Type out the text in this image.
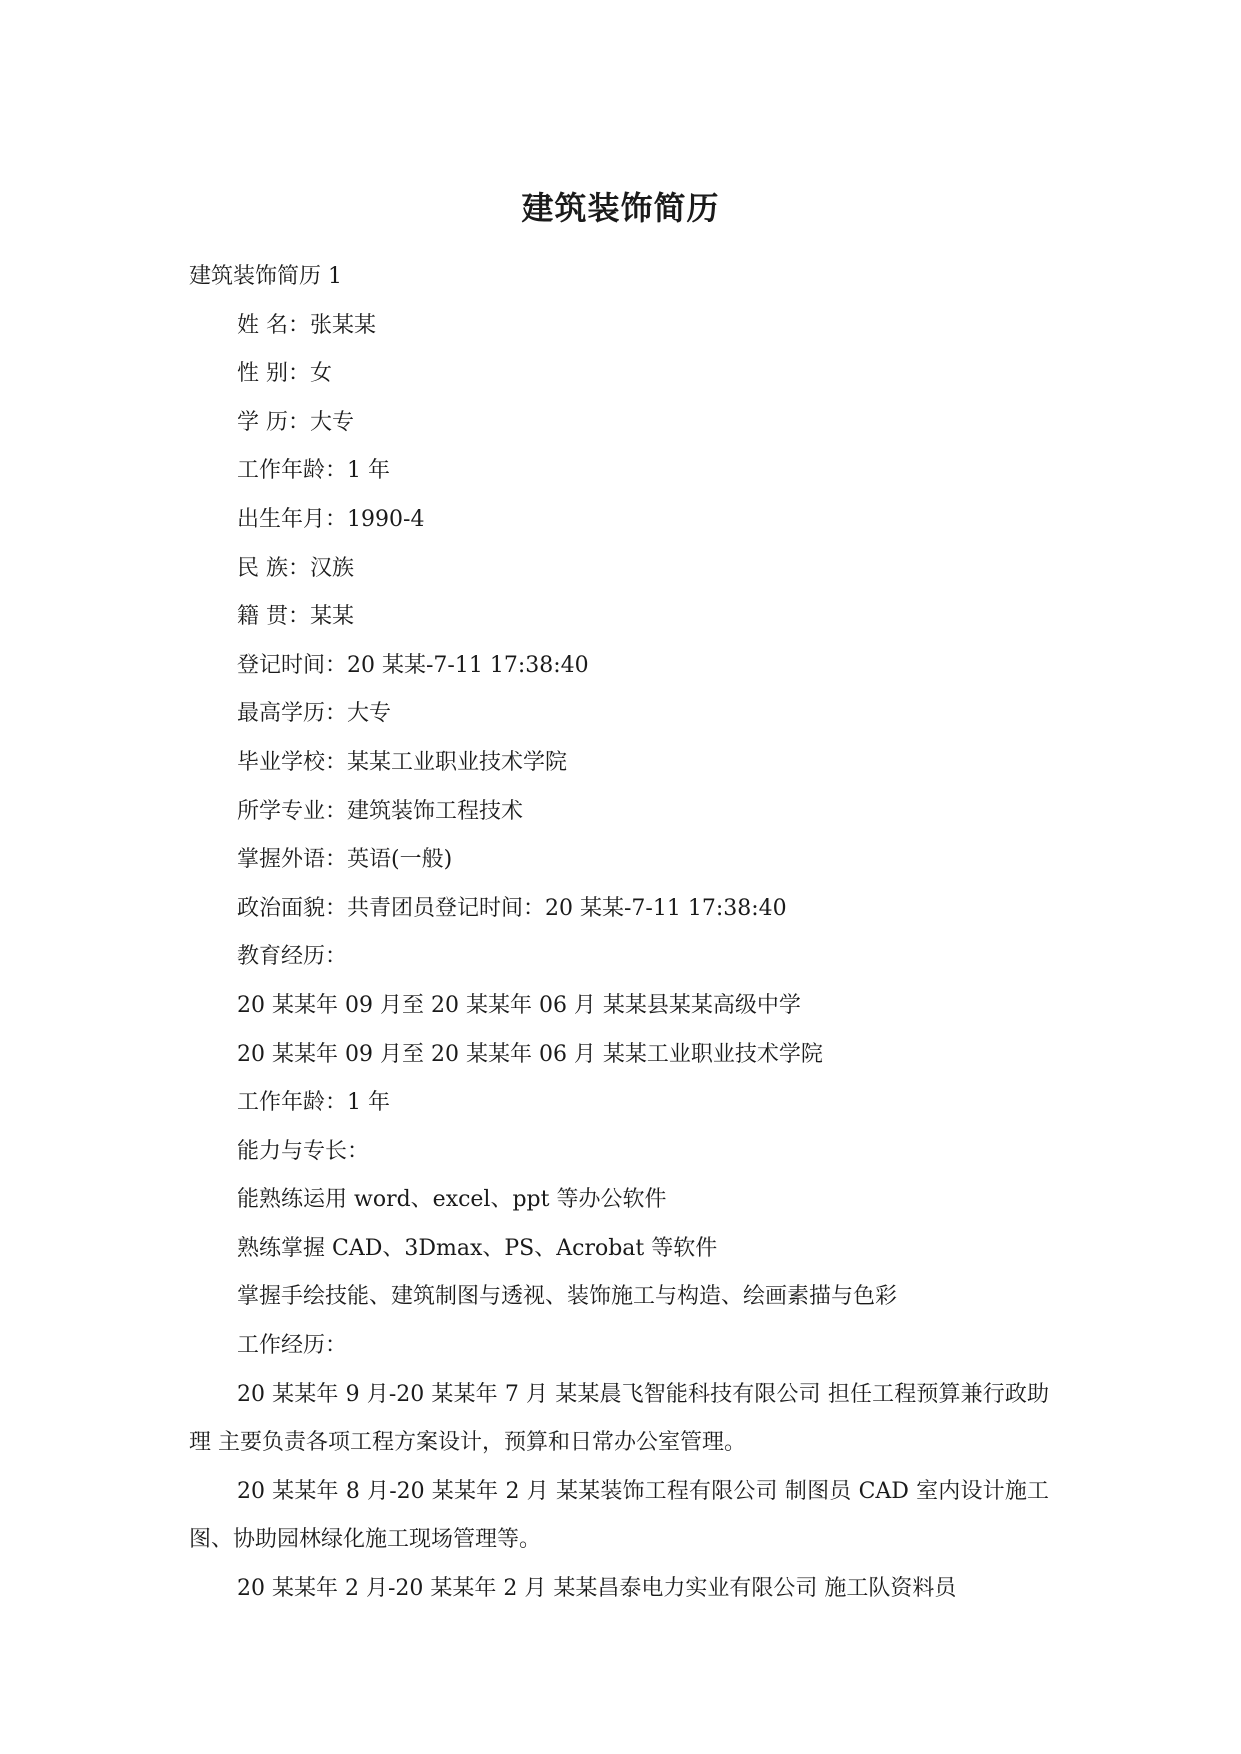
建筑装饰简历
建筑装饰简历 1
姓 名：张某某
性 别：女
学 历：大专
工作年龄：1 年
出生年月：1990-4
民 族：汉族
籍 贯：某某
登记时间：20 某某-7-11 17:38:40
最高学历：大专
毕业学校：某某工业职业技术学院
所学专业：建筑装饰工程技术
掌握外语：英语(一般)
政治面貌：共青团员登记时间：20 某某-7-11 17:38:40
教育经历：
20 某某年 09 月至 20 某某年 06 月 某某县某某高级中学
20 某某年 09 月至 20 某某年 06 月 某某工业职业技术学院
工作年龄：1 年
能力与专长：
能熟练运用 word、excel、ppt 等办公软件
熟练掌握 CAD、3Dmax、PS、Acrobat 等软件
掌握手绘技能、建筑制图与透视、装饰施工与构造、绘画素描与色彩
工作经历：
20 某某年 9 月-20 某某年 7 月 某某晨飞智能科技有限公司 担任工程预算兼行政助理 主要负责各项工程方案设计，预算和日常办公室管理。
20 某某年 8 月-20 某某年 2 月 某某装饰工程有限公司 制图员 CAD 室内设计施工图、协助园林绿化施工现场管理等。
20 某某年 2 月-20 某某年 2 月 某某昌泰电力实业有限公司 施工队资料员
